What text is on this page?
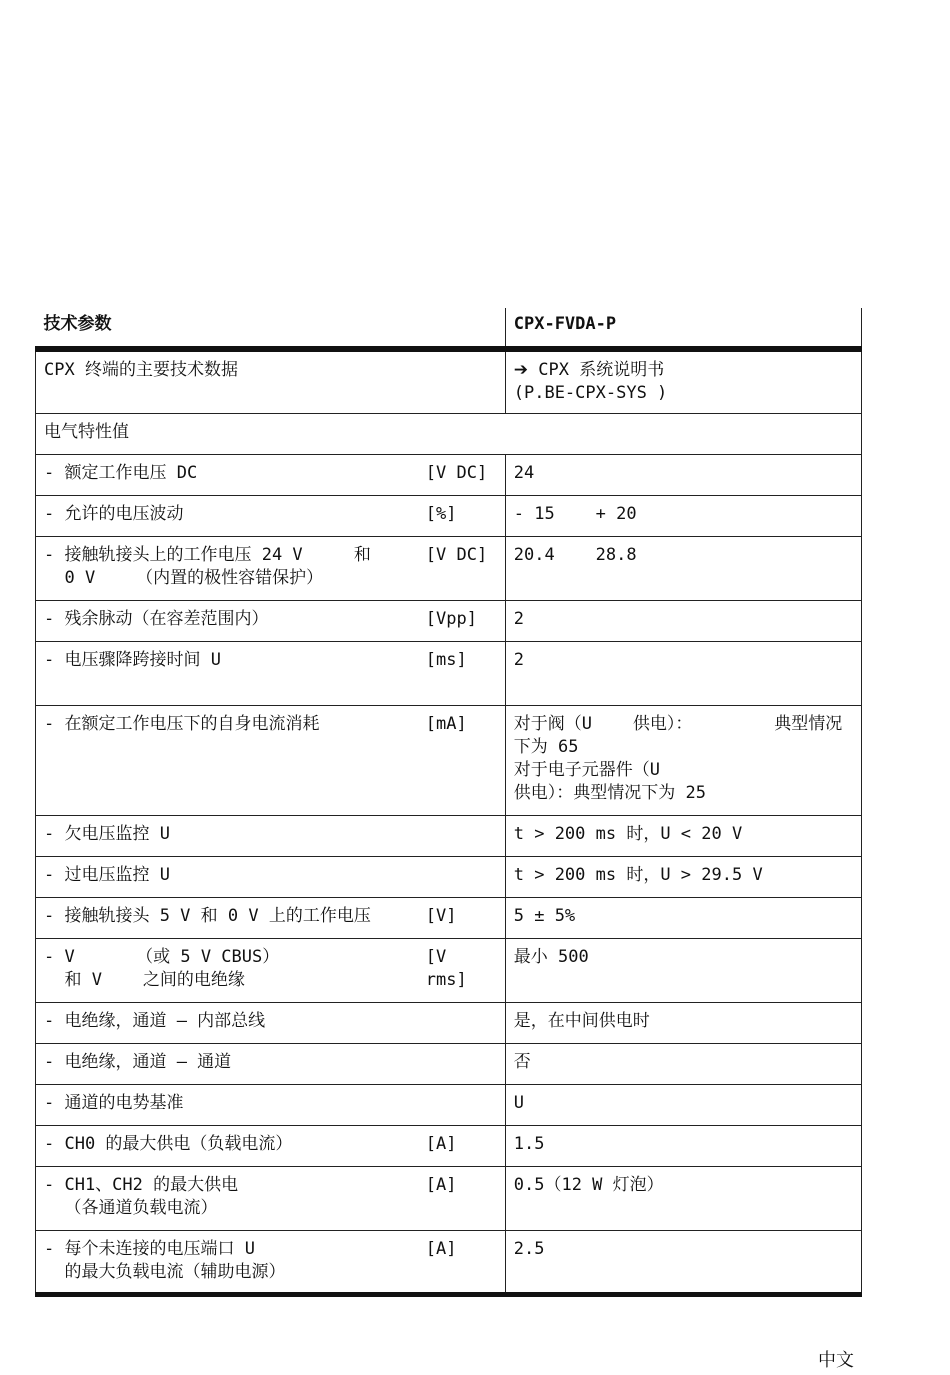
技术参数		CPX-FVDA-P
CPX 终端的主要技术数据		➔ CPX 系统说明书
(P.BE-CPX-SYS )
电气特性值		
- 额定工作电压 DC	[V DC]	24
- 允许的电压波动	[%]	- 15    + 20
- 接触轨接头上的工作电压 24 V     和
0 V    （内置的极性容错保护）	[V DC]	20.4    28.8
- 残余脉动（在容差范围内）	[Vpp]	2
- 电压骤降跨接时间 U	[ms]	2
- 在额定工作电压下的自身电流消耗	[mA]	对于阀（U    供电）：        典型情况下为 65
对于电子元器件（U
供电）：典型情况下为 25
- 欠电压监控 U		t > 200 ms 时，U < 20 V
- 过电压监控 U		t > 200 ms 时，U > 29.5 V
- 接触轨接头 5 V 和 0 V 上的工作电压	[V]	5 ± 5%
- V      （或 5 V CBUS）
和 V    之间的电绝缘	[V rms]	最小 500
- 电绝缘，通道 – 内部总线		是，在中间供电时
- 电绝缘，通道 – 通道		否
- 通道的电势基准		U
- CH0 的最大供电（负载电流）	[A]	1.5
- CH1、CH2 的最大供电
（各通道负载电流）	[A]	0.5（12 W 灯泡）
- 每个未连接的电压端口 U
的最大负载电流（辅助电源）	[A]	2.5
中文
